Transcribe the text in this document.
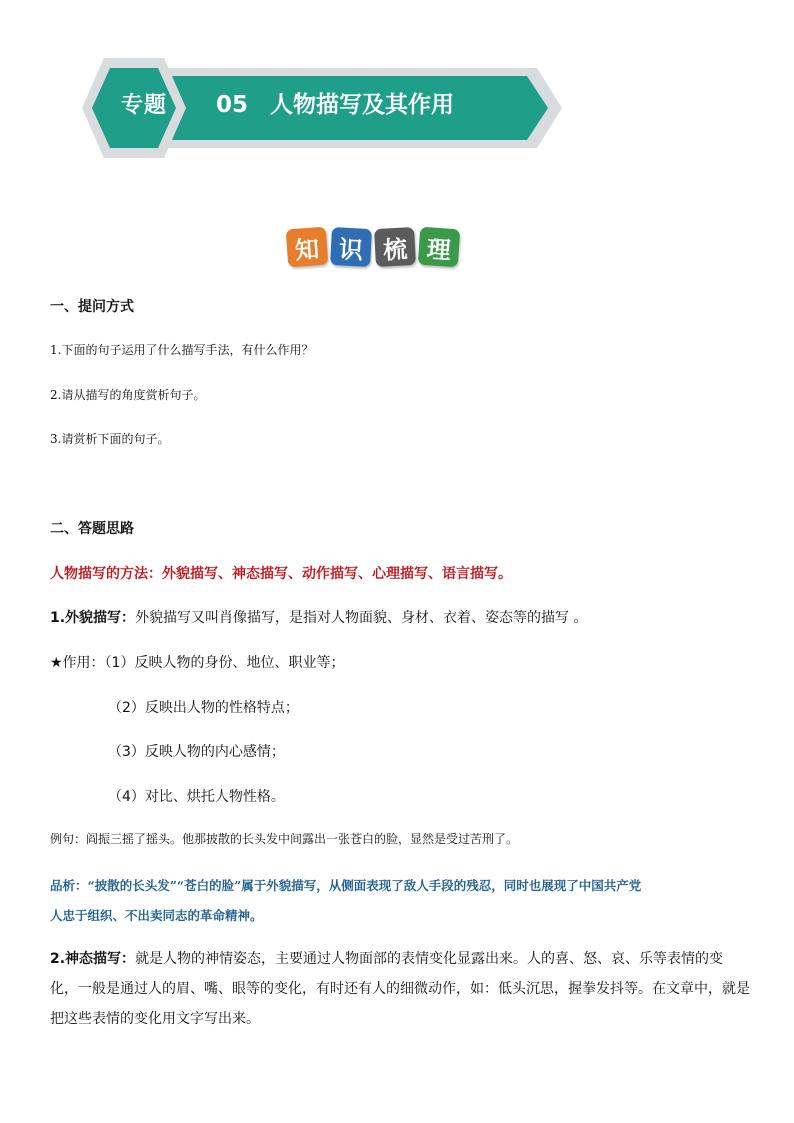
专题	05 人物描写及其作用
知 识 梳 理
一、提问方式
1.下面的句子运用了什么描写手法，有什么作用？
2.请从描写的角度赏析句子。
3.请赏析下面的句子。
二、答题思路
人物描写的方法：外貌描写、神态描写、动作描写、心理描写、语言描写。
1.外貌描写：外貌描写又叫肖像描写，是指对人物面貌、身材、衣着、姿态等的描写 。
★作用：（1）反映人物的身份、地位、职业等；
（2）反映出人物的性格特点；
（3）反映人物的内心感情；
（4）对比、烘托人物性格。
例句：阎振三摇了摇头。他那披散的长头发中间露出一张苍白的脸，显然是受过苦刑了。
品析：“披散的长头发”“苍白的脸”属于外貌描写，从侧面表现了敌人手段的残忍，同时也展现了中国共产党
人忠于组织、不出卖同志的革命精神。
2.神态描写：就是人物的神情姿态，主要通过人物面部的表情变化显露出来。人的喜、怒、哀、乐等表情的变化，一般是通过人的眉、嘴、眼等的变化，有时还有人的细微动作，如：低头沉思，握拳发抖等。在文章中，就是把这些表情的变化用文字写出来。
